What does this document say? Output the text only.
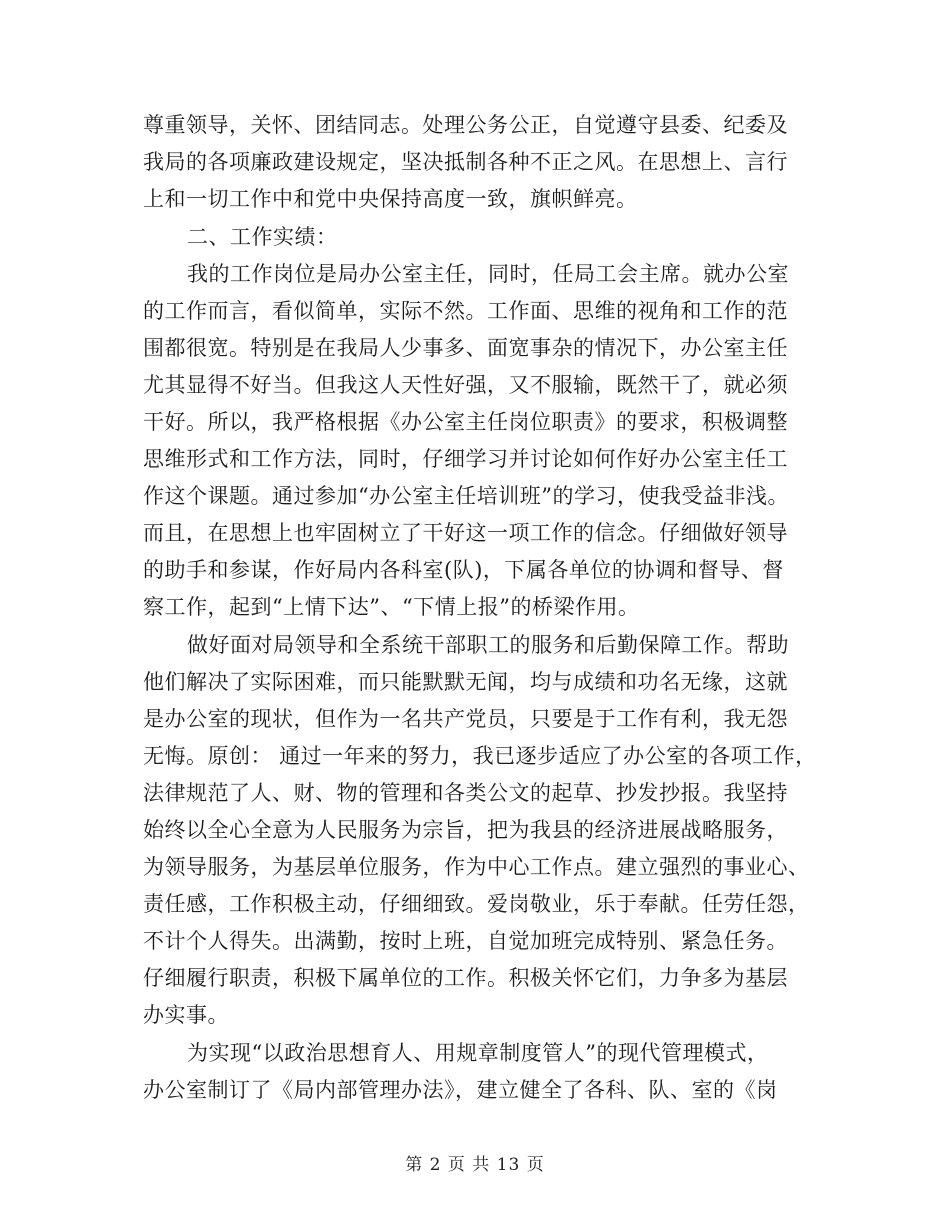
尊重领导，关怀、团结同志。处理公务公正，自觉遵守县委、纪委及
我局的各项廉政建设规定，坚决抵制各种不正之风。在思想上、言行
上和一切工作中和党中央保持高度一致，旗帜鲜亮。
二、工作实绩：
我的工作岗位是局办公室主任，同时，任局工会主席。就办公室
的工作而言，看似简单，实际不然。工作面、思维的视角和工作的范
围都很宽。特别是在我局人少事多、面宽事杂的情况下，办公室主任
尤其显得不好当。但我这人天性好强，又不服输，既然干了，就必须
干好。所以，我严格根据《办公室主任岗位职责》的要求，积极调整
思维形式和工作方法，同时，仔细学习并讨论如何作好办公室主任工
作这个课题。通过参加“办公室主任培训班”的学习，使我受益非浅。
而且，在思想上也牢固树立了干好这一项工作的信念。仔细做好领导
的助手和参谋，作好局内各科室(队)，下属各单位的协调和督导、督
察工作，起到“上情下达”、“下情上报”的桥梁作用。
做好面对局领导和全系统干部职工的服务和后勤保障工作。帮助
他们解决了实际困难，而只能默默无闻，均与成绩和功名无缘，这就
是办公室的现状，但作为一名共产党员，只要是于工作有利，我无怨
无悔。原创： 通过一年来的努力，我已逐步适应了办公室的各项工作，
法律规范了人、财、物的管理和各类公文的起草、抄发抄报。我坚持
始终以全心全意为人民服务为宗旨，把为我县的经济进展战略服务，
为领导服务，为基层单位服务，作为中心工作点。建立强烈的事业心、
责任感，工作积极主动，仔细细致。爱岗敬业，乐于奉献。任劳任怨，
不计个人得失。出满勤，按时上班，自觉加班完成特别、紧急任务。
仔细履行职责，积极下属单位的工作。积极关怀它们，力争多为基层
办实事。
为实现“以政治思想育人、用规章制度管人”的现代管理模式，
办公室制订了《局内部管理办法》，建立健全了各科、队、室的《岗
第 2 页 共 13 页
